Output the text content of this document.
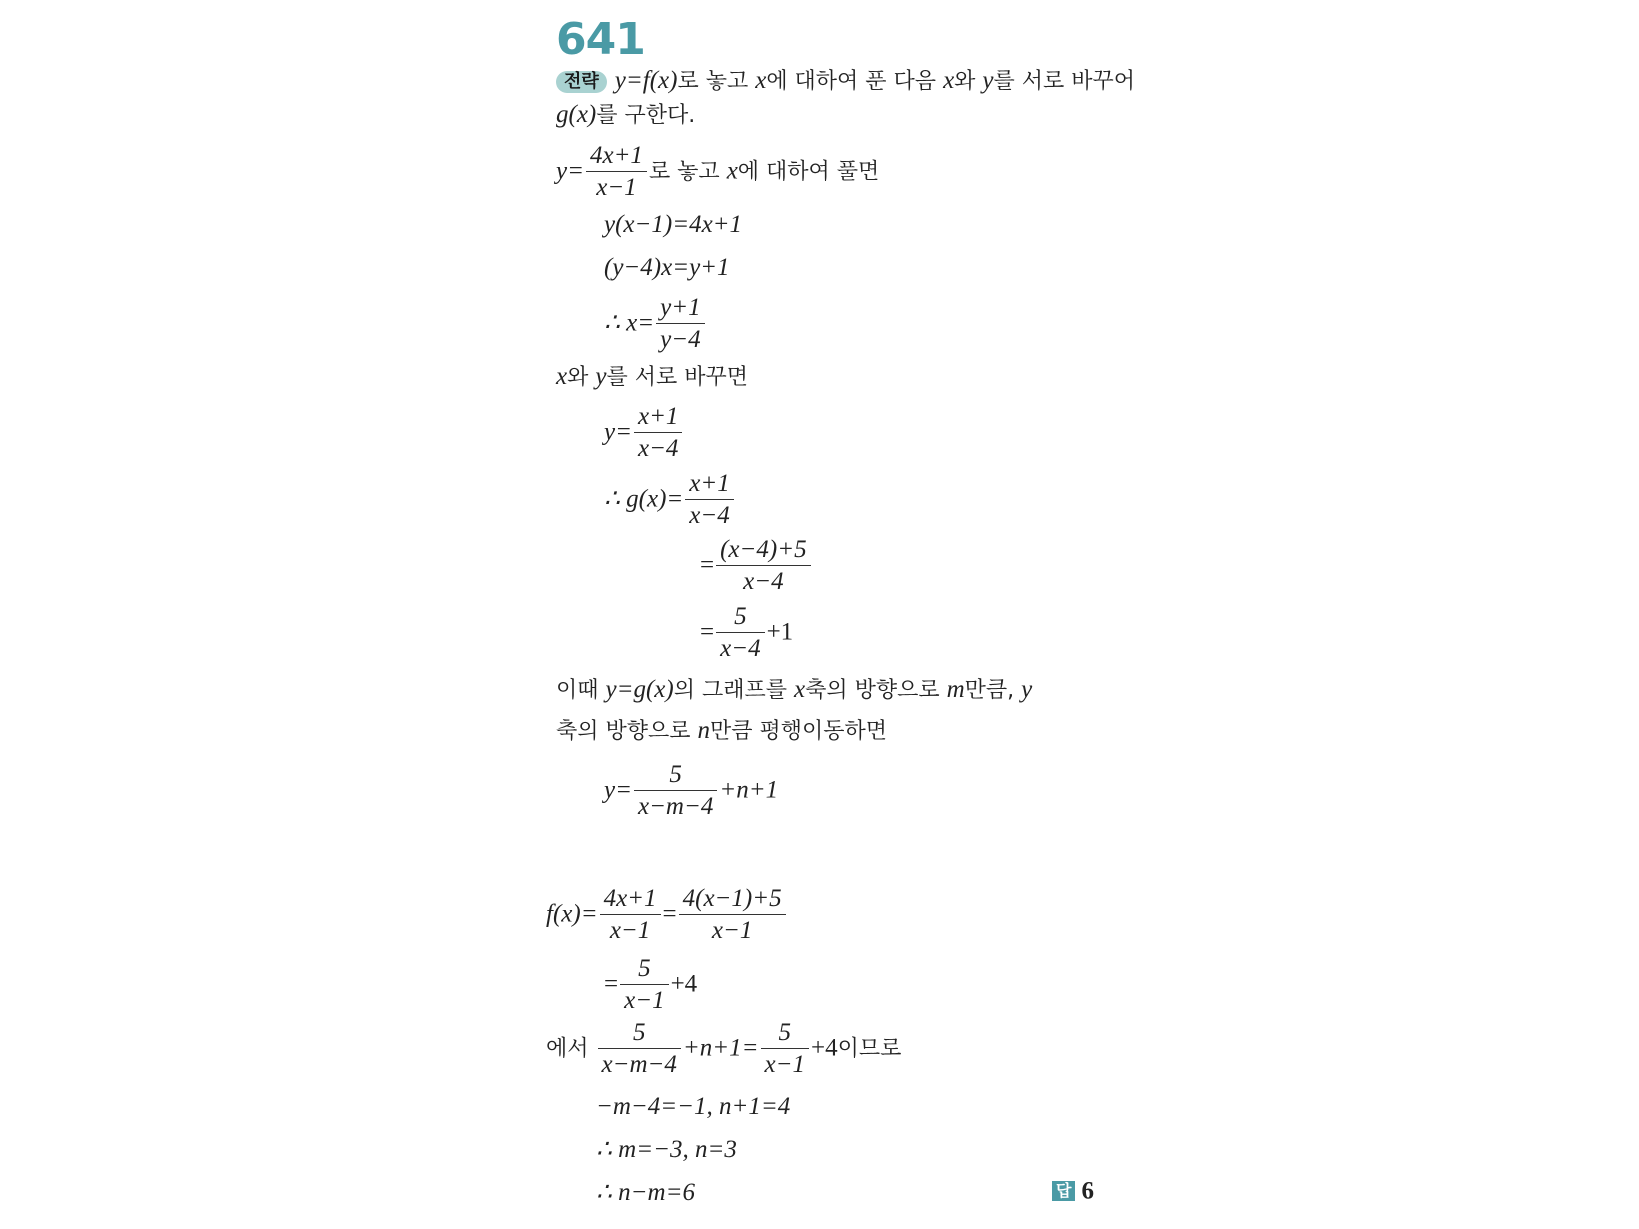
641
전략 y=f(x)로 놓고 x에 대하여 푼 다음 x와 y를 서로 바꾸어
g(x)를 구한다.
$y= \frac{4x+1}{x-1}$ 로 놓고 x에 대하여 풀면
y(x−1)=4x+1
(y−4)x=y+1
∴ $x= \frac{y+1}{y-4}$
x와 y를 서로 바꾸면
$y= \frac{x+1}{x-4}$
∴ $g(x)= \frac{x+1}{x-4}$
= $\frac{(x-4)+5}{x-4}$
= $\frac{5}{x-4} +1$
이때 y=g(x)의 그래프를 x축의 방향으로 m만큼, y
축의 방향으로 n만큼 평행이동하면
$y= \frac{5}{x-m-4} +n+1$
$f(x)= \frac{4x+1}{x-1} = \frac{4(x-1)+5}{x-1}$
= $\frac{5}{x-1} +4$
에서 $\frac{5}{x-m-4} +n+1= \frac{5}{x-1} +4$이므로
−m−4=−1, n+1=4
∴ m=−3, n=3
∴ n−m=6	답 6
